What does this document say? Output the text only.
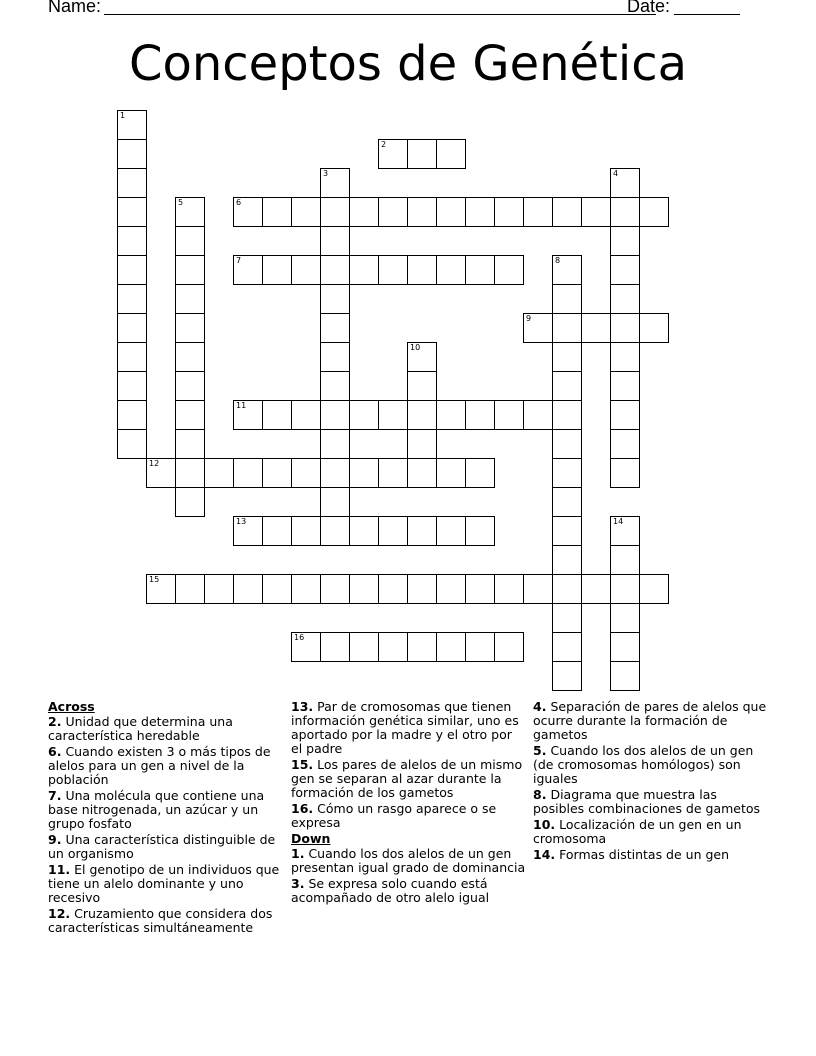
Name:	Date:
Conceptos de Genética
1
2
3	4
5	6
7	8
9
10
11
12
13	14
15
16
Across
2. Unidad que determina una característica heredable
6. Cuando existen 3 o más tipos de alelos para un gen a nivel de la población
7. Una molécula que contiene una base nitrogenada, un azúcar y un grupo fosfato
9. Una característica distinguible de un organismo
11. El genotipo de un individuos que tiene un alelo dominante y uno recesivo
12. Cruzamiento que considera dos características simultáneamente
13. Par de cromosomas que tienen información genética similar, uno es aportado por la madre y el otro por el padre
15. Los pares de alelos de un mismo gen se separan al azar durante la formación de los gametos
16. Cómo un rasgo aparece o se expresa
Down
1. Cuando los dos alelos de un gen presentan igual grado de dominancia
3. Se expresa solo cuando está acompañado de otro alelo igual
4. Separación de pares de alelos que ocurre durante la formación de gametos
5. Cuando los dos alelos de un gen (de cromosomas homólogos) son iguales
8. Diagrama que muestra las posibles combinaciones de gametos
10. Localización de un gen en un cromosoma
14. Formas distintas de un gen
